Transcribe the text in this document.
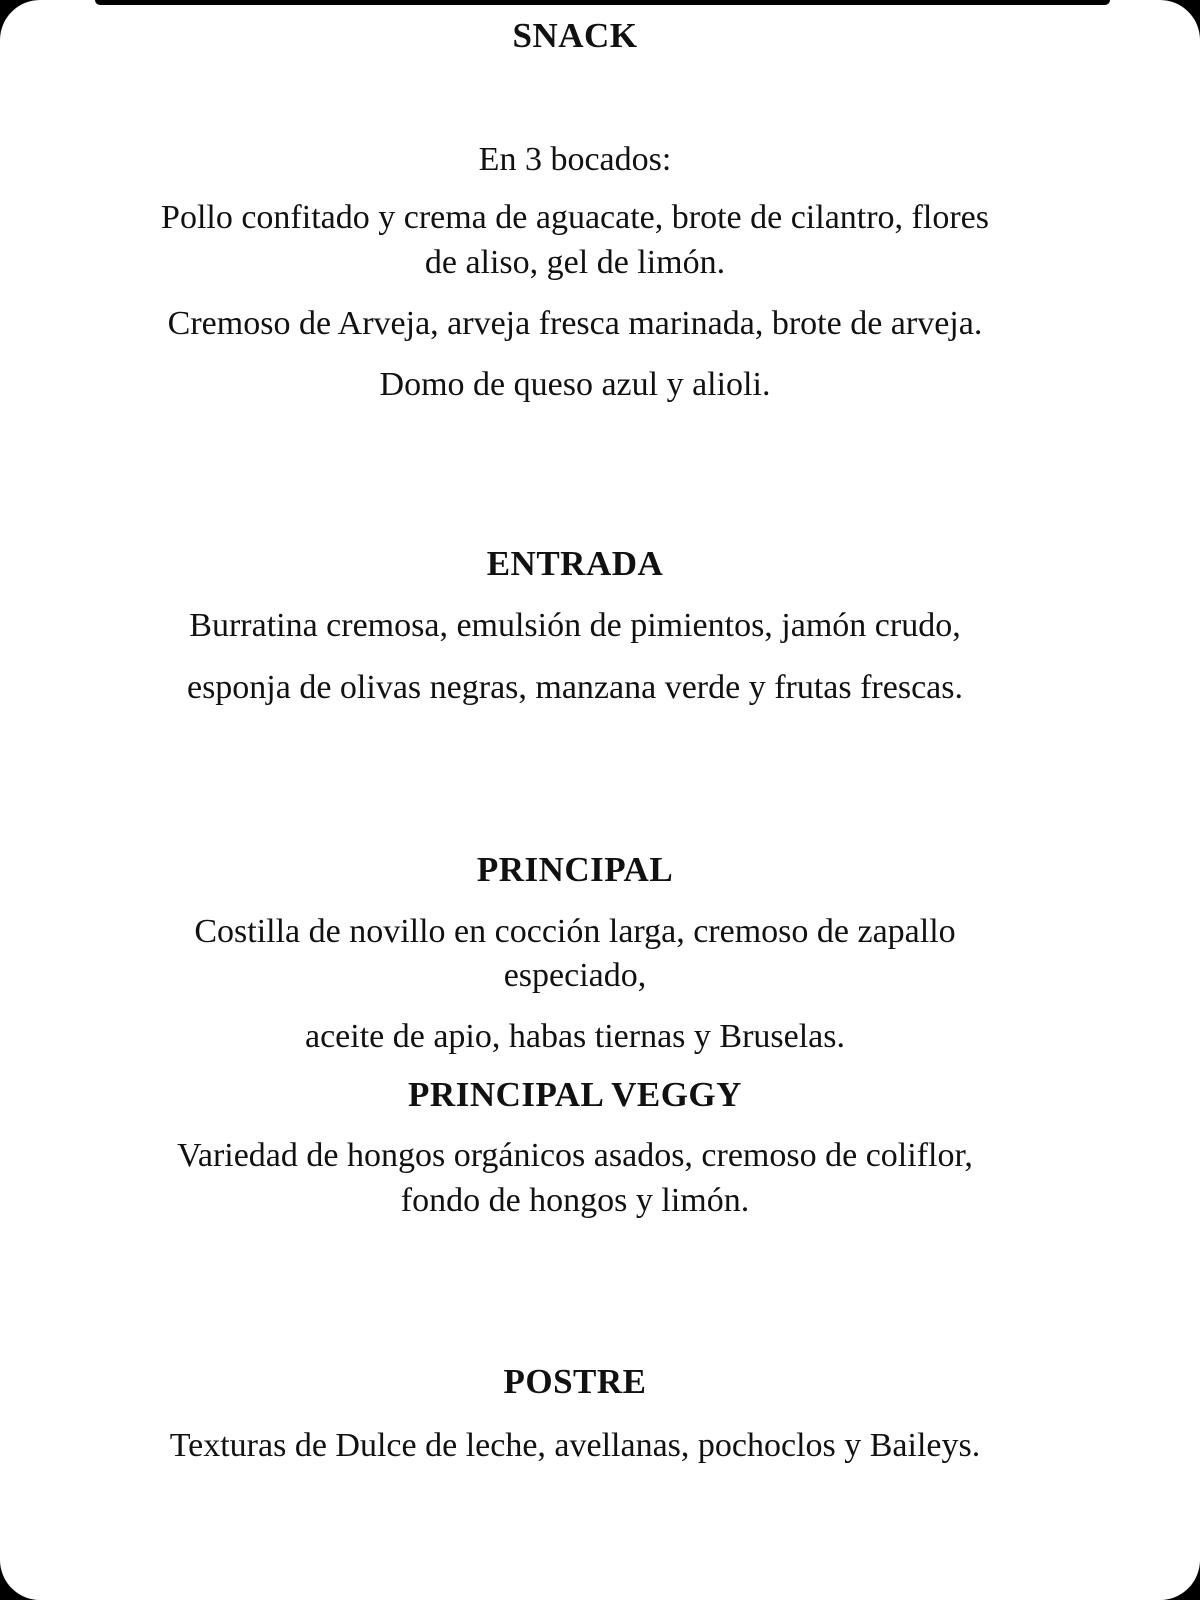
SNACK

En 3 bocados:

Pollo confitado y crema de aguacate, brote de cilantro, flores

de aliso, gel de limón.

Cremoso de Arveja, arveja fresca marinada, brote de arveja.

Domo de queso azul y alioli.

ENTRADA

Burratina cremosa, emulsión de pimientos, jamón crudo,

esponja de olivas negras, manzana verde y frutas frescas.

PRINCIPAL

Costilla de novillo en cocción larga, cremoso de zapallo

especiado,

aceite de apio, habas tiernas y Bruselas.

PRINCIPAL VEGGY

Variedad de hongos orgánicos asados, cremoso de coliflor,

fondo de hongos y limón.

POSTRE

Texturas de Dulce de leche, avellanas, pochoclos y Baileys.
